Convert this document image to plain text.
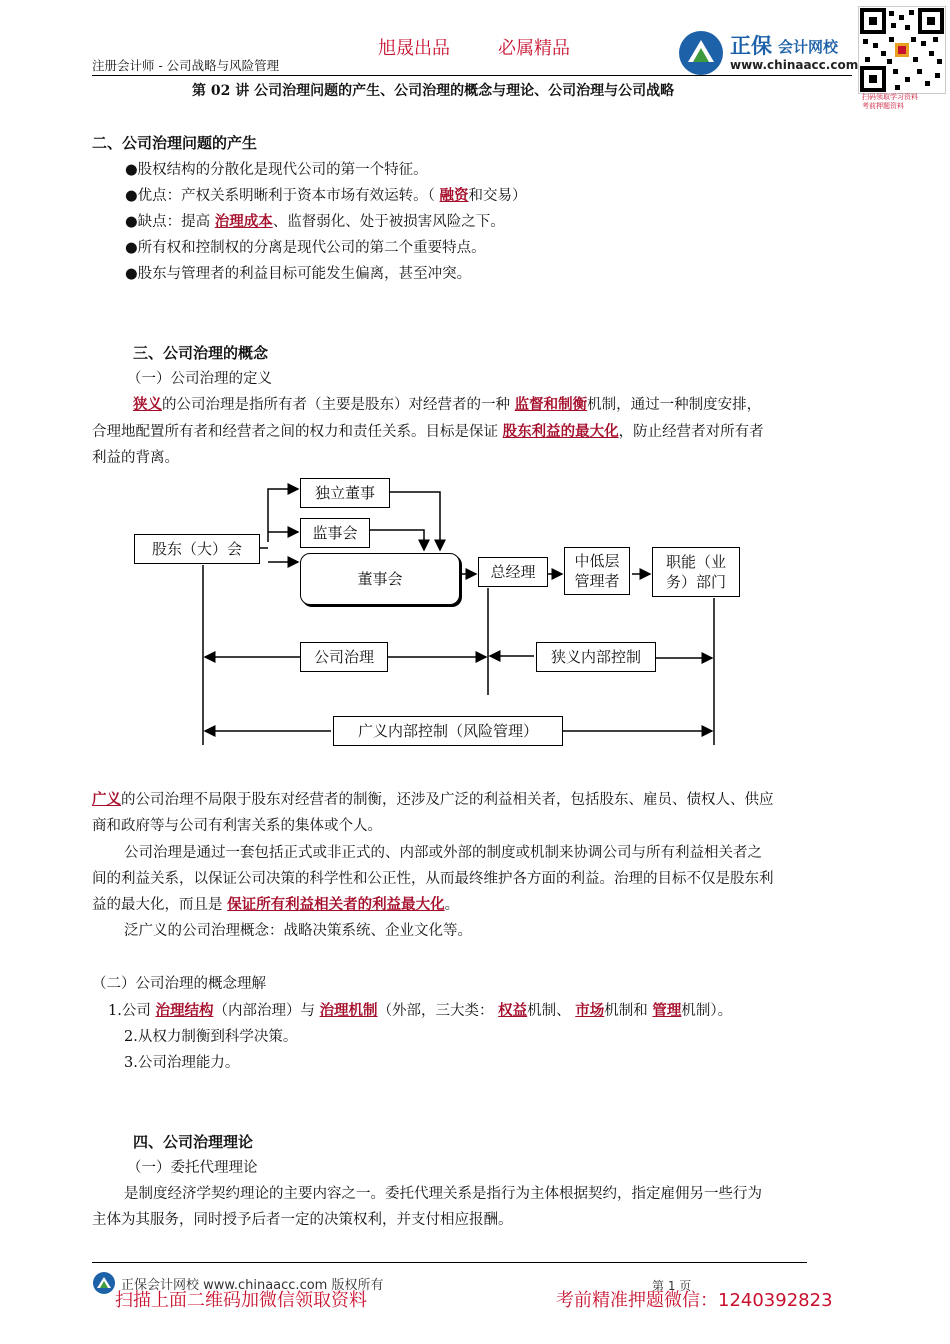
旭晟出品	必属精品	正保 会计网校
www.chinaacc.com
扫码领取学习资料
考前押题资料
注册会计师 - 公司战略与风险管理
第 02 讲 公司治理问题的产生、公司治理的概念与理论、公司治理与公司战略
二、公司治理问题的产生
●股权结构的分散化是现代公司的第一个特征。
●优点：产权关系明晰利于资本市场有效运转。（ 融资和交易）
●缺点：提高 治理成本、监督弱化、处于被损害风险之下。
●所有权和控制权的分离是现代公司的第二个重要特点。
●股东与管理者的利益目标可能发生偏离，甚至冲突。
三、公司治理的概念
（一）公司治理的定义
狭义的公司治理是指所有者（主要是股东）对经营者的一种 监督和制衡机制，通过一种制度安排，
合理地配置所有者和经营者之间的权力和责任关系。目标是保证 股东利益的最大化，防止经营者对所有者
利益的背离。
股东（大）会
独立董事
监事会
董事会	总经理
中低层管理者
职能（业务）部门
公司治理	狭义内部控制
广义内部控制（风险管理）
广义的公司治理不局限于股东对经营者的制衡，还涉及广泛的利益相关者，包括股东、雇员、债权人、供应
商和政府等与公司有利害关系的集体或个人。
公司治理是通过一套包括正式或非正式的、内部或外部的制度或机制来协调公司与所有利益相关者之
间的利益关系，以保证公司决策的科学性和公正性，从而最终维护各方面的利益。治理的目标不仅是股东利
益的最大化，而且是 保证所有利益相关者的利益最大化。
泛广义的公司治理概念：战略决策系统、企业文化等。
（二）公司治理的概念理解
1.公司 治理结构（内部治理）与 治理机制（外部，三大类： 权益机制、 市场机制和 管理机制）。
2.从权力制衡到科学决策。
3.公司治理能力。
四、公司治理理论
（一）委托代理理论
是制度经济学契约理论的主要内容之一。委托代理关系是指行为主体根据契约，指定雇佣另一些行为
主体为其服务，同时授予后者一定的决策权利，并支付相应报酬。
正保会计网校 www.chinaacc.com 版权所有	第 1 页
扫描上面二维码加微信领取资料	考前精准押题微信：1240392823
